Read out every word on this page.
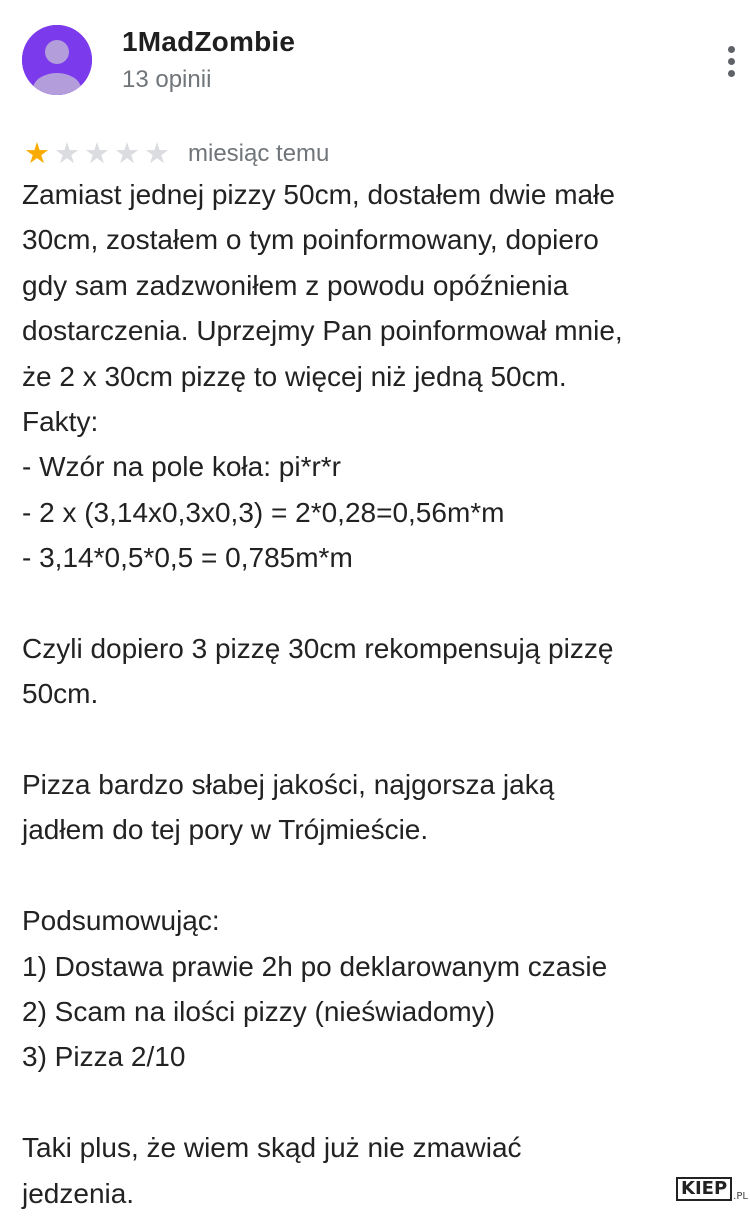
1MadZombie
13 opinii
★ ★ ★ ★ ★ miesiąc temu
Zamiast jednej pizzy 50cm, dostałem dwie małe
30cm, zostałem o tym poinformowany, dopiero
gdy sam zadzwoniłem z powodu opóźnienia
dostarczenia. Uprzejmy Pan poinformował mnie,
że 2 x 30cm pizzę to więcej niż jedną 50cm.
Fakty:
- Wzór na pole koła: pi*r*r
- 2 x (3,14x0,3x0,3) = 2*0,28=0,56m*m
- 3,14*0,5*0,5 = 0,785m*m
Czyli dopiero 3 pizzę 30cm rekompensują pizzę
50cm.
Pizza bardzo słabej jakości, najgorsza jaką
jadłem do tej pory w Trójmieście.
Podsumowując:
1) Dostawa prawie 2h po deklarowanym czasie
2) Scam na ilości pizzy (nieświadomy)
3) Pizza 2/10
Taki plus, że wiem skąd już nie zmawiać
jedzenia.	KIEP .PL
